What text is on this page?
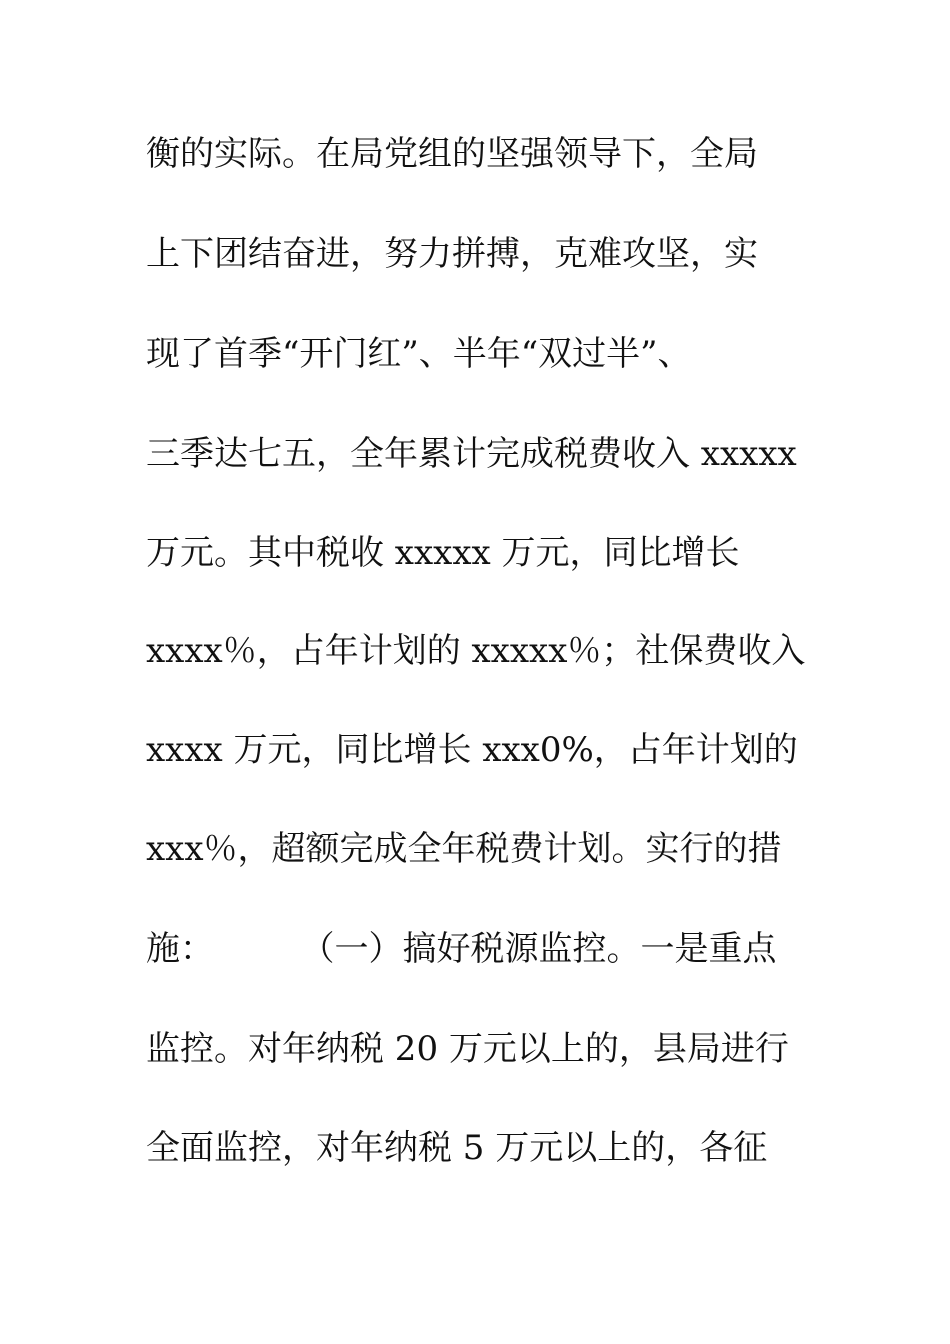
衡的实际。在局党组的坚强领导下，全局
上下团结奋进，努力拼搏，克难攻坚，实
现了首季“开门红”、半年“双过半”、
三季达七五，全年累计完成税费收入 xxxxx
万元。其中税收 xxxxx 万元，同比增长
xxxx％，占年计划的 xxxxx％；社保费收入
xxxx 万元，同比增长 xxx0%，占年计划的
xxx％，超额完成全年税费计划。实行的措
施：        （一）搞好税源监控。一是重点
监控。对年纳税 20 万元以上的，县局进行
全面监控，对年纳税 5 万元以上的，各征
